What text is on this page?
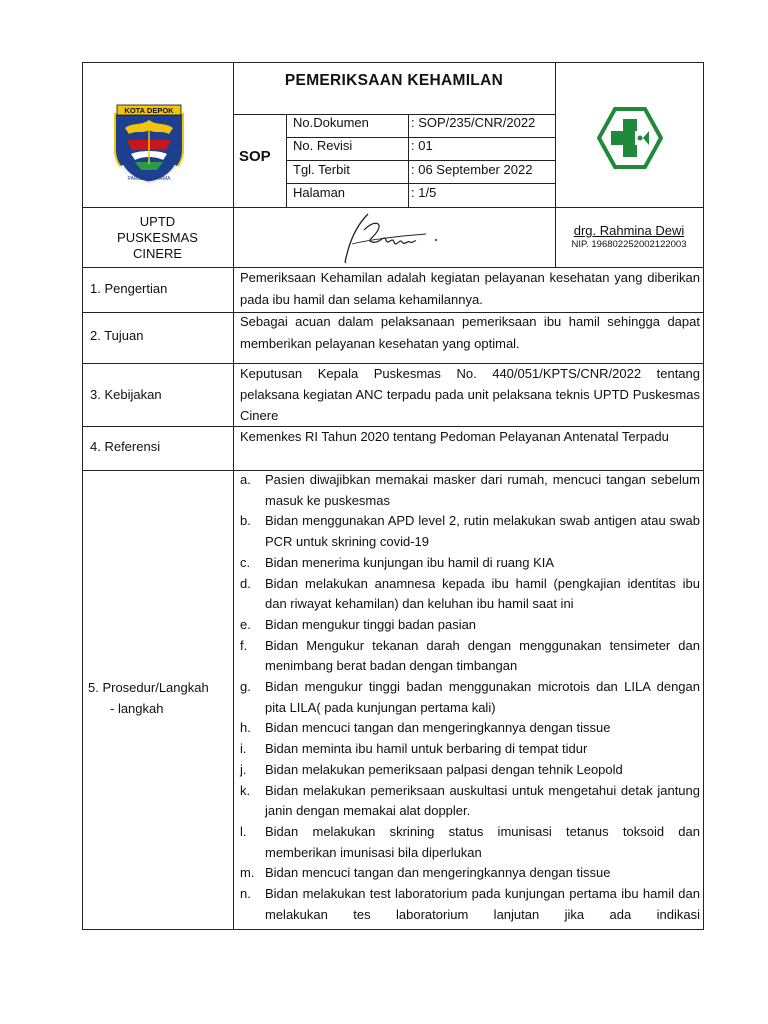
KOTA DEPOK
PARCARA DARMA
PEMERIKSAAN KEHAMILAN
SOP
No.Dokumen	: SOP/235/CNR/2022
No. Revisi	: 01
Tgl. Terbit	: 06 September 2022
Halaman	: 1/5
UPTD
PUSKESMAS
CINERE
drg. Rahmina Dewi
NIP. 196802252002122003
1. Pengertian
Pemeriksaan Kehamilan adalah kegiatan pelayanan kesehatan yang diberikan pada ibu hamil dan selama kehamilannya.
2. Tujuan
Sebagai acuan dalam pelaksanaan pemeriksaan ibu hamil sehingga dapat memberikan pelayanan kesehatan yang optimal.
3. Kebijakan
Keputusan Kepala Puskesmas No. 440/051/KPTS/CNR/2022 tentang pelaksana kegiatan ANC terpadu pada unit pelaksana teknis UPTD Puskesmas Cinere
4. Referensi
Kemenkes RI Tahun 2020 tentang Pedoman Pelayanan Antenatal Terpadu
5. Prosedur/Langkah
- langkah
a. Pasien diwajibkan memakai masker dari rumah, mencuci tangan sebelum masuk ke puskesmas
b. Bidan menggunakan APD level 2, rutin melakukan swab antigen atau swab PCR untuk skrining covid-19
c. Bidan menerima kunjungan ibu hamil di ruang KIA
d. Bidan melakukan anamnesa kepada ibu hamil (pengkajian identitas ibu dan riwayat kehamilan) dan keluhan ibu hamil saat ini
e. Bidan mengukur tinggi badan pasian
f. Bidan Mengukur tekanan darah dengan menggunakan tensimeter dan menimbang berat badan dengan timbangan
g. Bidan mengukur tinggi badan menggunakan microtois dan LILA dengan pita LILA( pada kunjungan pertama kali)
h. Bidan mencuci tangan dan mengeringkannya dengan tissue
i. Bidan meminta ibu hamil untuk berbaring di tempat tidur
j. Bidan melakukan pemeriksaan palpasi dengan tehnik Leopold
k. Bidan melakukan pemeriksaan auskultasi untuk mengetahui detak jantung janin dengan memakai alat doppler.
l. Bidan melakukan skrining status imunisasi tetanus toksoid dan memberikan imunisasi bila diperlukan
m. Bidan mencuci tangan dan mengeringkannya dengan tissue
n. Bidan melakukan test laboratorium pada kunjungan pertama ibu hamil dan melakukan tes laboratorium lanjutan jika ada indikasi
